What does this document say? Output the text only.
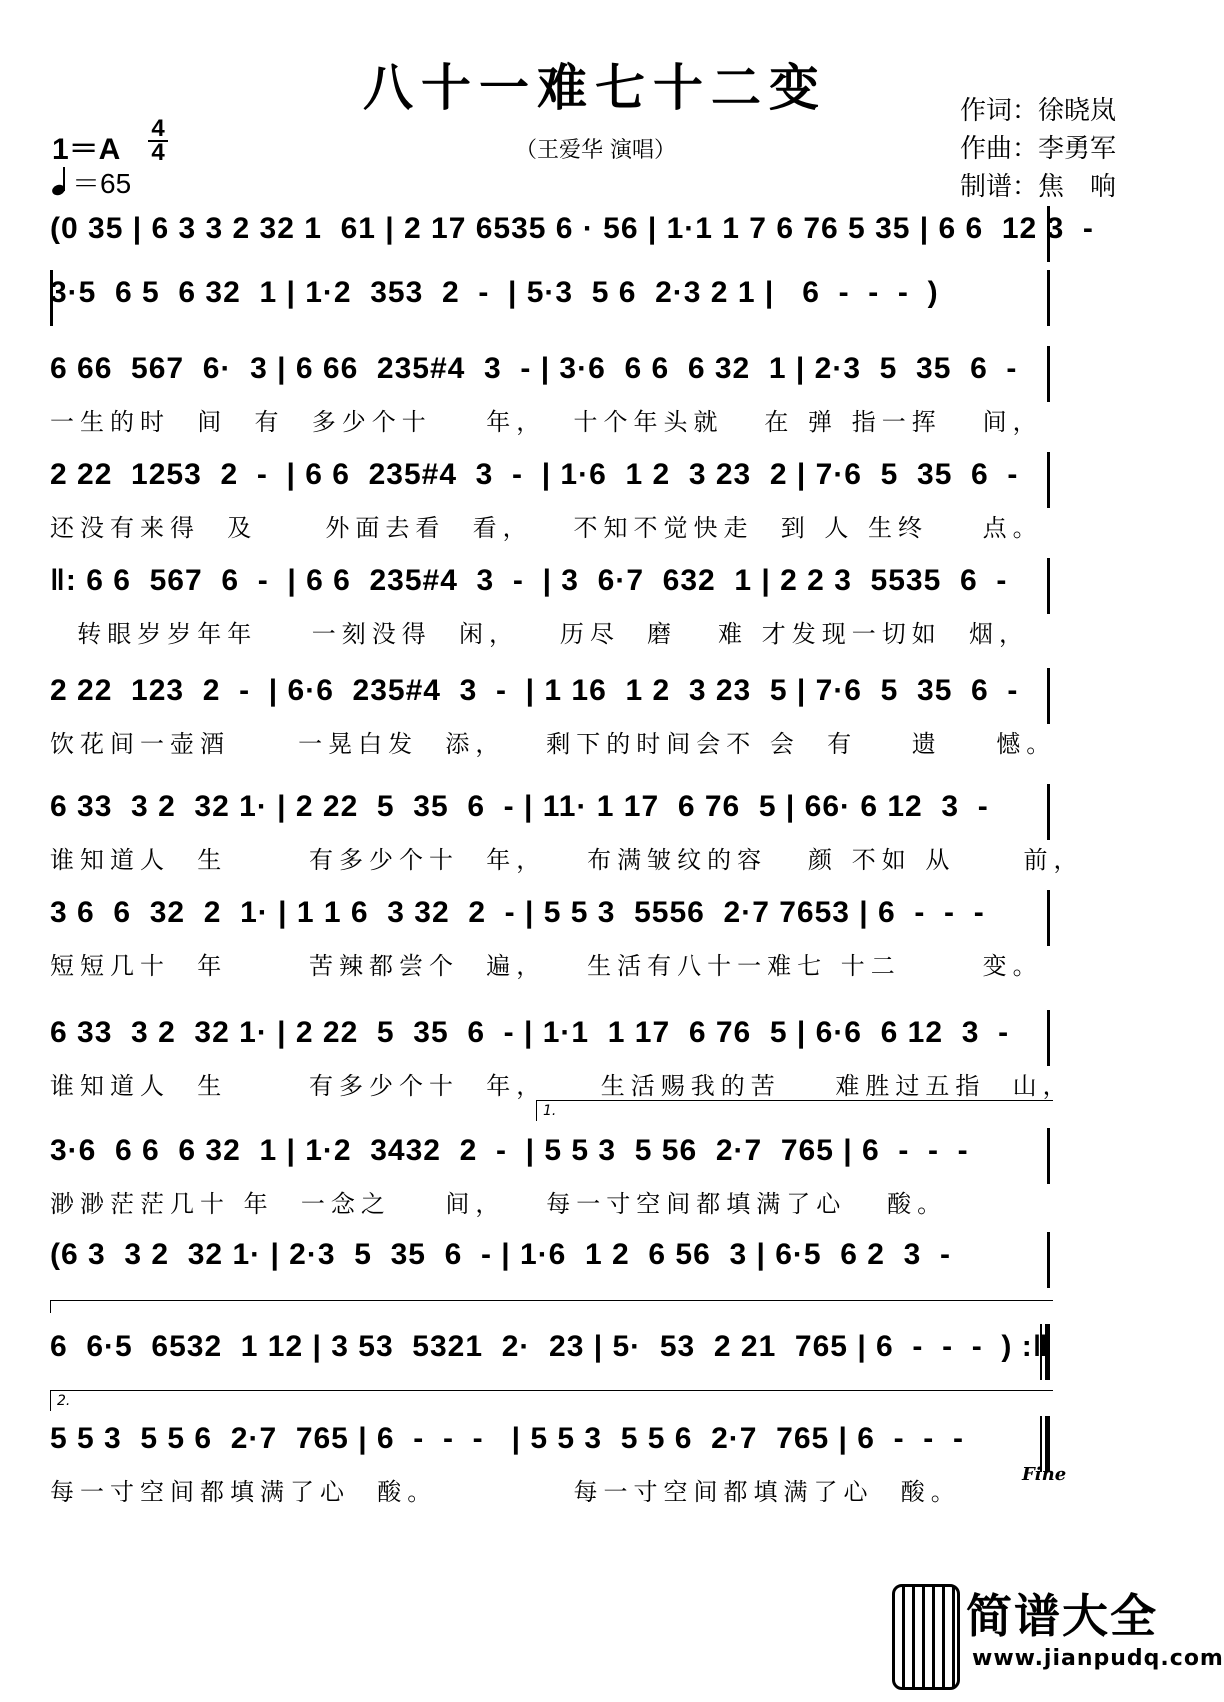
八十一难七十二变
（王爱华 演唱）
作词：徐晓岚
作曲：李勇军
制谱：焦　响
1＝A
4
4
＝65
(0 35 | 6 3 3 2 32 1  61 | 2 17 6535 6 · 56 | 1·1 1 7 6 76 5 35 | 6 6  12 3  -
3·5  6 5  6 32  1 | 1·2  353  2  -  | 5·3  5 6  2·3 2 1 |   6  -  -  -  )
6 66  567  6·  3 | 6 66  235#4  3  - | 3·6  6 6  6 32  1 | 2·3  5  35  6  -
一生的时  间  有  多少个十    年，  十个年头就   在 弹 指一挥   间，
2 22  1253  2  -  | 6 6  235#4  3  -  | 1·6  1 2  3 23  2 | 7·6  5  35  6  -
还没有来得  及     外面去看  看，   不知不觉快走  到 人 生终    点。
‖: 6 6  567  6  -  | 6 6  235#4  3  -  | 3  6·7  632  1 | 2 2 3  5535  6  -
转眼岁岁年年    一刻没得  闲，   历尽  磨   难 才发现一切如  烟，
2 22  123  2  -  | 6·6  235#4  3  -  | 1 16  1 2  3 23  5 | 7·6  5  35  6  -
饮花间一壶酒     一晃白发  添，   剩下的时间会不 会  有    遗    憾。
6 33  3 2  32 1· | 2 22  5  35  6  - | 11· 1 17  6 76  5 | 66· 6 12  3  -
谁知道人  生      有多少个十  年，   布满皱纹的容   颜 不如 从     前，
3 6  6  32  2  1· | 1 1 6  3 32  2  - | 5 5 3  5556  2·7 7653 | 6  -  -  -
短短几十  年      苦辣都尝个  遍，   生活有八十一难七 十二      变。
6 33  3 2  32 1· | 2 22  5  35  6  - | 1·1  1 17  6 76  5 | 6·6  6 12  3  -
谁知道人  生      有多少个十  年，    生活赐我的苦    难胜过五指  山，
1.
3·6  6 6  6 32  1 | 1·2  3432  2  -  | 5 5 3  5 56  2·7  765 | 6  -  -  -
渺渺茫茫几十 年  一念之    间，   每一寸空间都填满了心   酸。
(6 3  3 2  32 1· | 2·3  5  35  6  - | 1·6  1 2  6 56  3 | 6·5  6 2  3  -
6  6·5  6532  1 12 | 3 53  5321  2·  23 | 5·  53  2 21  765 | 6  -  -  -  ) :‖
2.
5 5 3  5 5 6  2·7  765 | 6  -  -  -   | 5 5 3  5 5 6  2·7  765 | 6  -  -  -
每一寸空间都填满了心  酸。          每一寸空间都填满了心  酸。
Fine
简谱大全
www.jianpudq.com
